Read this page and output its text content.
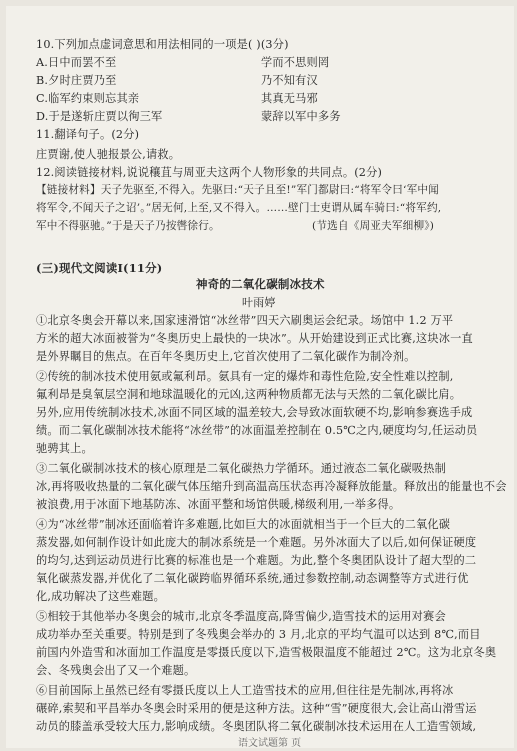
10.下列加点虚词意思和用法相同的一项是( )(3分)
A.日中而罢不至	学而不思则罔
B.夕时庄贾乃至	乃不知有汉
C.临军约束则忘其亲	其真无马邪
D.于是遂斩庄贾以徇三军	蒙辞以军中多务
11.翻译句子。(2分)
庄贾谢,使人驰报景公,请救。
12.阅读链接材料,说说穰苴与周亚夫这两个人物形象的共同点。(2分)
【链接材料】天子先驱至,不得入。先驱曰:“天子且至!”军门都尉曰:“将军令曰‘军中闻
将军令,不闻天子之诏’。”居无何,上至,又不得入。……壁门士吏谓从属车骑曰:“将军约,
军中不得驱驰。”于是天子乃按辔徐行。	(节选自《周亚夫军细柳》)
(三)现代文阅读Ⅰ(11分)
神奇的二氧化碳制冰技术
叶雨婷
①北京冬奥会开幕以来,国家速滑馆“冰丝带”四天六刷奥运会纪录。场馆中 1.2 万平
方米的超大冰面被誉为“冬奥历史上最快的一块冰”。从开始建设到正式比赛,这块冰一直
是外界瞩目的焦点。在百年冬奥历史上,它首次使用了二氧化碳作为制冷剂。
②传统的制冰技术使用氨或氟利昂。氨具有一定的爆炸和毒性危险,安全性难以控制,
氟利昂是臭氧层空洞和地球温暖化的元凶,这两种物质都无法与天然的二氧化碳比肩。
另外,应用传统制冰技术,冰面不同区域的温差较大,会导致冰面软硬不均,影响参赛选手成
绩。而二氧化碳制冰技术能将“冰丝带”的冰面温差控制在 0.5℃之内,硬度均匀,任运动员
驰骋其上。
③二氧化碳制冰技术的核心原理是二氧化碳热力学循环。通过液态二氧化碳吸热制
冰,再将吸收热量的二氧化碳气体压缩升到高温高压状态再冷凝释放能量。释放出的能量也不会
被浪费,用于冰面下地基防冻、冰面平整和场馆供暖,梯级利用,一举多得。
④为“冰丝带”制冰还面临着许多难题,比如巨大的冰面就相当于一个巨大的二氧化碳
蒸发器,如何制作设计如此庞大的制冰系统是一个难题。另外冰面大了以后,如何保证硬度
的均匀,达到运动员进行比赛的标准也是一个难题。为此,整个冬奥团队设计了超大型的二
氧化碳蒸发器,并优化了二氧化碳跨临界循环系统,通过参数控制,动态调整等方式进行优
化,成功解决了这些难题。
⑤相较于其他举办冬奥会的城市,北京冬季温度高,降雪偏少,造雪技术的运用对赛会
成功举办至关重要。特别是到了冬残奥会举办的 3 月,北京的平均气温可以达到 8℃,而目
前国内外造雪和冰面加工作温度是零摄氏度以下,造雪极限温度不能超过 2℃。这为北京冬奥
会、冬残奥会出了又一个难题。
⑥目前国际上虽然已经有零摄氏度以上人工造雪技术的应用,但往往是先制冰,再将冰
碾碎,索契和平昌举办冬奥会时采用的便是这种方法。这种“雪”硬度很大,会让高山滑雪运
动员的膝盖承受较大压力,影响成绩。冬奥团队将二氧化碳制冰技术运用在人工造雪领域,
语文试题第 页
